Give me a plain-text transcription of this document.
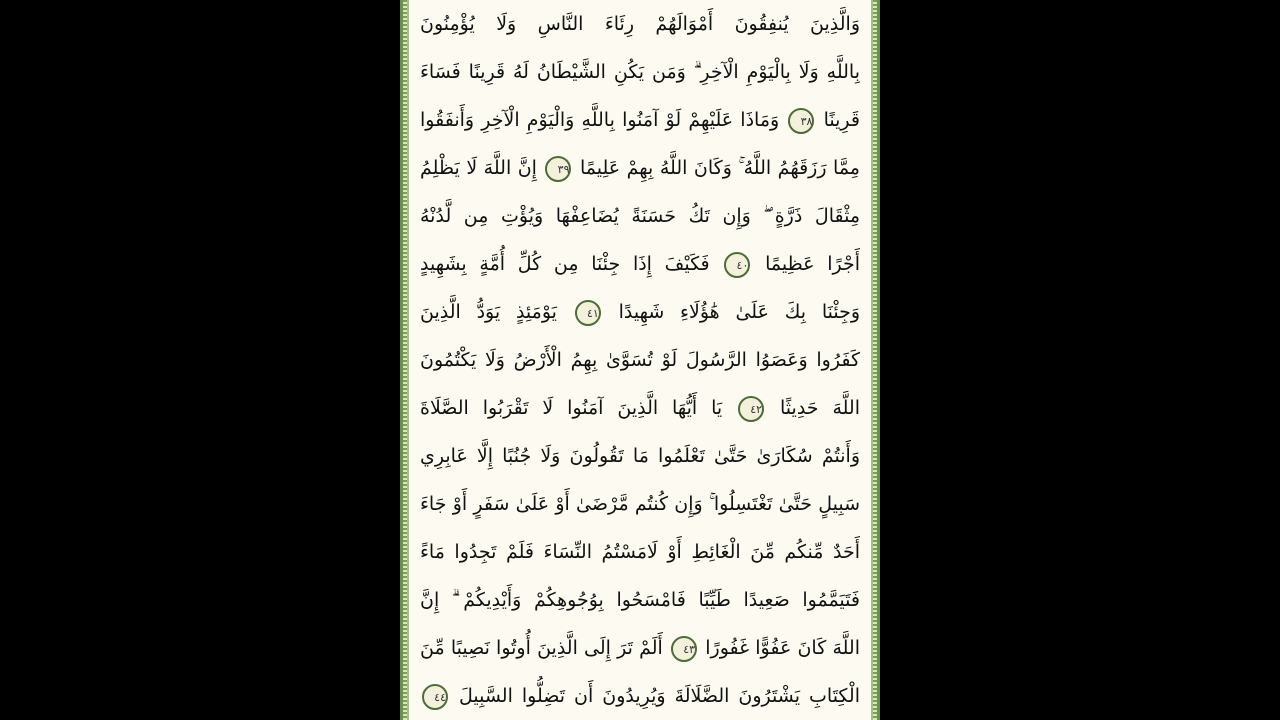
وَالَّذِينَ يُنفِقُونَ أَمْوَالَهُمْ رِئَاءَ النَّاسِ وَلَا يُؤْمِنُونَ
بِاللَّهِ وَلَا بِالْيَوْمِ الْآخِرِ ۗ وَمَن يَكُنِ الشَّيْطَانُ لَهُ قَرِينًا فَسَاءَ
قَرِينًا ٣٨ وَمَاذَا عَلَيْهِمْ لَوْ آمَنُوا بِاللَّهِ وَالْيَوْمِ الْآخِرِ وَأَنفَقُوا
مِمَّا رَزَقَهُمُ اللَّهُ ۚ وَكَانَ اللَّهُ بِهِمْ عَلِيمًا ٣٩ إِنَّ اللَّهَ لَا يَظْلِمُ
مِثْقَالَ ذَرَّةٍ ۖ وَإِن تَكُ حَسَنَةً يُضَاعِفْهَا وَيُؤْتِ مِن لَّدُنْهُ
أَجْرًا عَظِيمًا ٤٠ فَكَيْفَ إِذَا جِئْنَا مِن كُلِّ أُمَّةٍ بِشَهِيدٍ
وَجِئْنَا بِكَ عَلَىٰ هَٰؤُلَاءِ شَهِيدًا ٤١ يَوْمَئِذٍ يَوَدُّ الَّذِينَ
كَفَرُوا وَعَصَوُا الرَّسُولَ لَوْ تُسَوَّىٰ بِهِمُ الْأَرْضُ وَلَا يَكْتُمُونَ
اللَّهَ حَدِيثًا ٤٢ يَا أَيُّهَا الَّذِينَ آمَنُوا لَا تَقْرَبُوا الصَّلَاةَ
وَأَنتُمْ سُكَارَىٰ حَتَّىٰ تَعْلَمُوا مَا تَقُولُونَ وَلَا جُنُبًا إِلَّا عَابِرِي
سَبِيلٍ حَتَّىٰ تَغْتَسِلُوا ۚ وَإِن كُنتُم مَّرْضَىٰ أَوْ عَلَىٰ سَفَرٍ أَوْ جَاءَ
أَحَدٌ مِّنكُم مِّنَ الْغَائِطِ أَوْ لَامَسْتُمُ النِّسَاءَ فَلَمْ تَجِدُوا مَاءً
فَتَيَمَّمُوا صَعِيدًا طَيِّبًا فَامْسَحُوا بِوُجُوهِكُمْ وَأَيْدِيكُمْ ۗ إِنَّ
اللَّهَ كَانَ عَفُوًّا غَفُورًا ٤٣ أَلَمْ تَرَ إِلَى الَّذِينَ أُوتُوا نَصِيبًا مِّنَ
الْكِتَابِ يَشْتَرُونَ الضَّلَالَةَ وَيُرِيدُونَ أَن تَضِلُّوا السَّبِيلَ ٤٤
